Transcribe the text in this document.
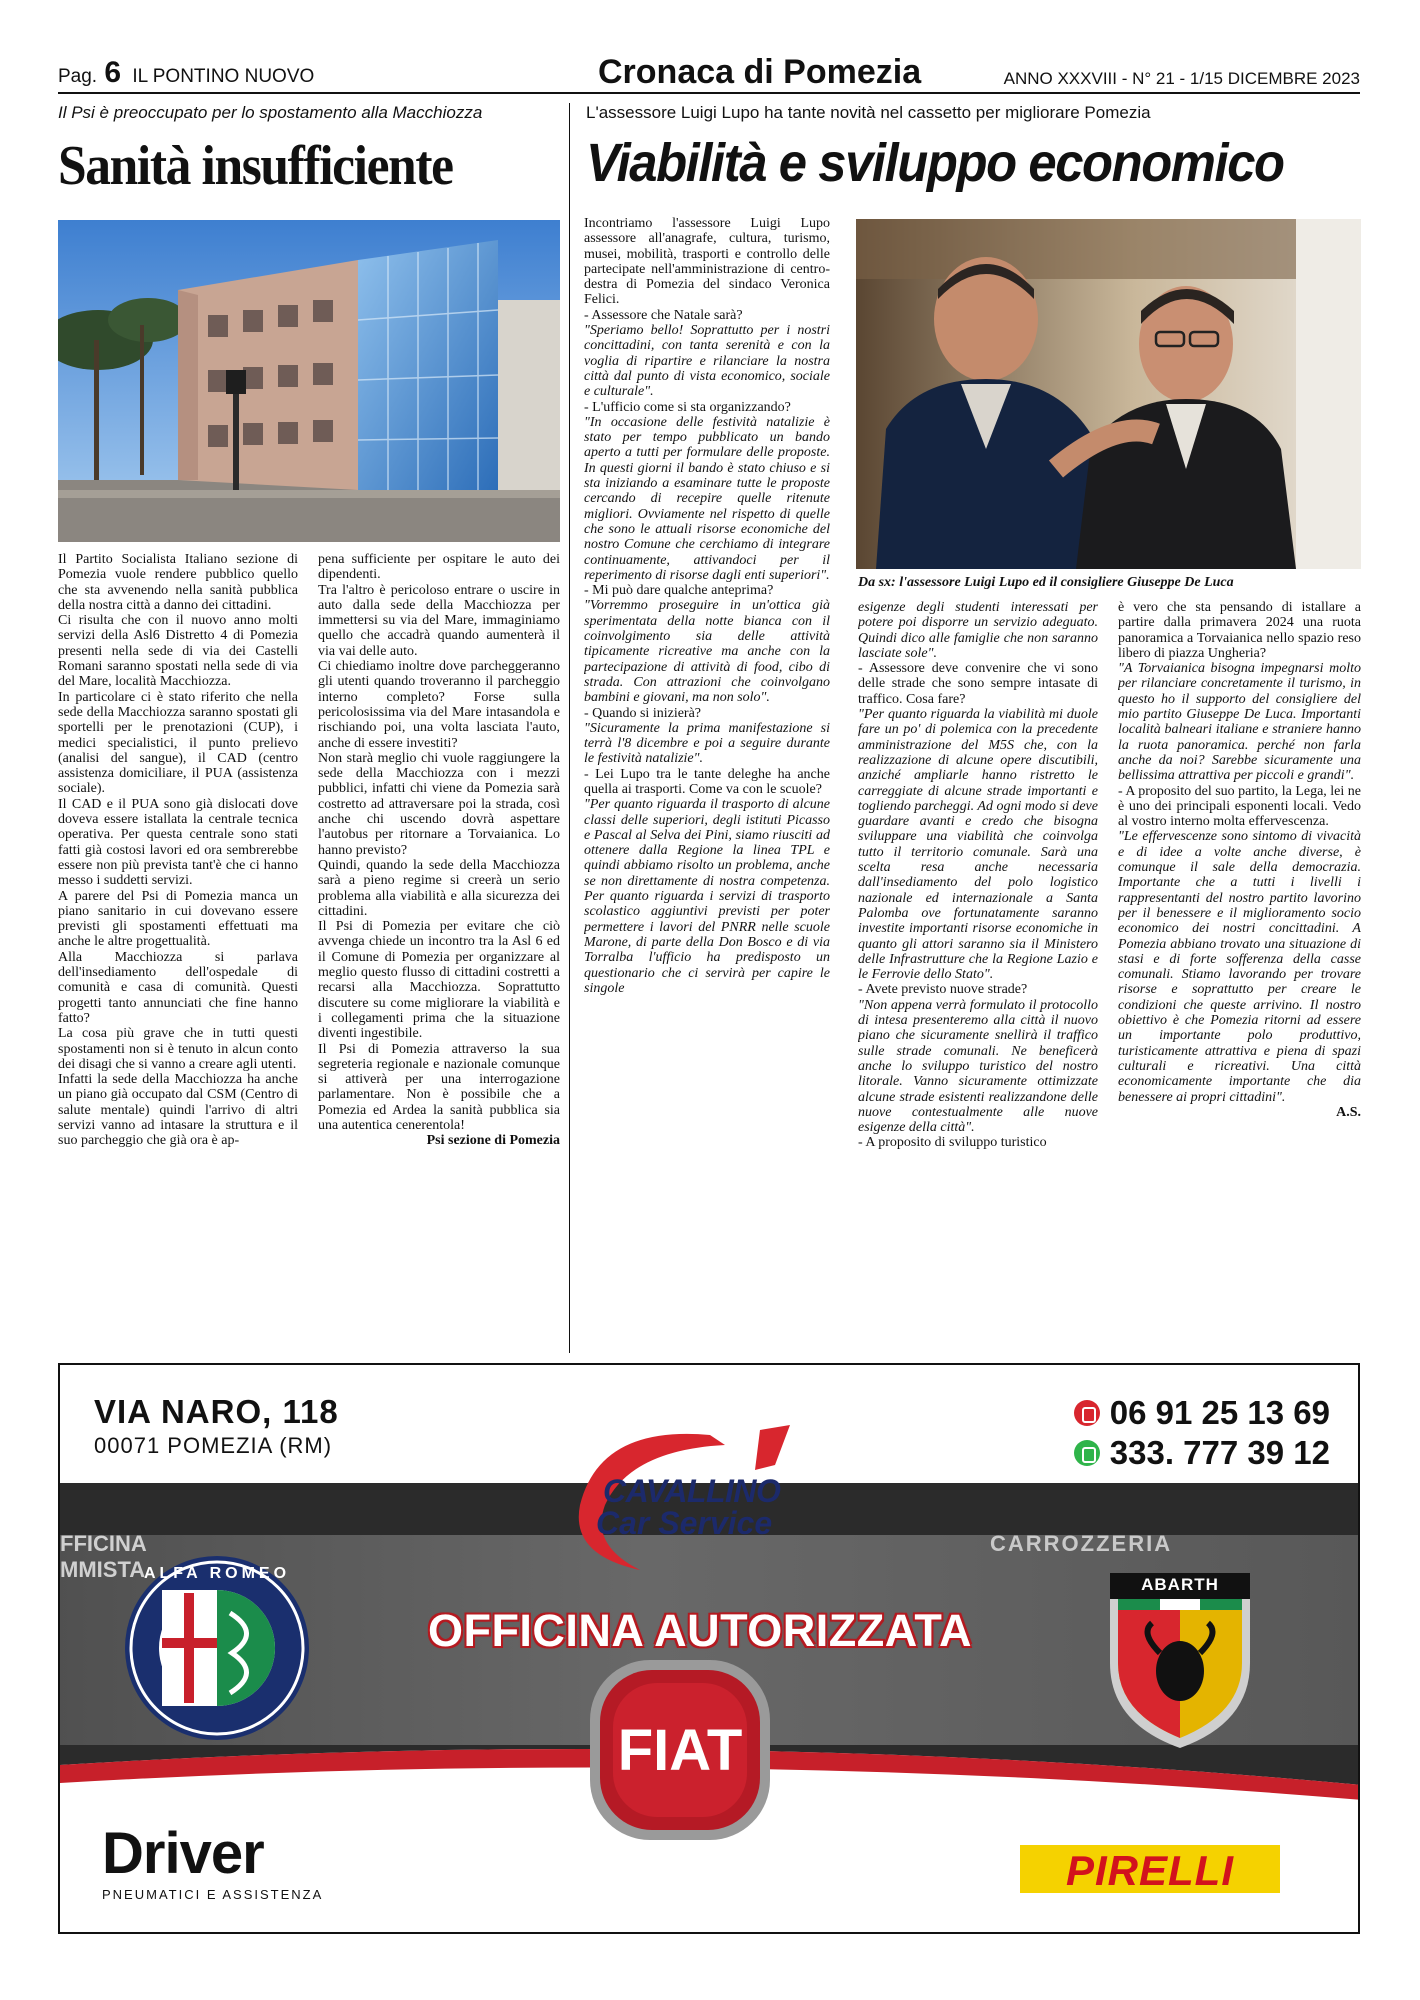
Pag. 6 IL PONTINO NUOVO	Cronaca di Pomezia	ANNO XXXVIII - N° 21 - 1/15 DICEMBRE 2023
Il Psi è preoccupato per lo spostamento alla Macchiozza
Sanità insufficiente

Il Partito Socialista Italiano sezione di Pomezia vuole rendere pubblico quello che sta avvenendo nella sanità pubblica della nostra città a danno dei cittadini.

Ci risulta che con il nuovo anno molti servizi della Asl6 Distretto 4 di Pomezia presenti nella sede di via dei Castelli Romani saranno spostati nella sede di via del Mare, località Macchiozza.

In particolare ci è stato riferito che nella sede della Macchiozza saranno spostati gli sportelli per le prenotazioni (CUP), i medici specialistici, il punto prelievo (analisi del sangue), il CAD (centro assistenza domiciliare, il PUA (assistenza sociale).

Il CAD e il PUA sono già dislocati dove doveva essere istallata la centrale tecnica operativa. Per questa centrale sono stati fatti già costosi lavori ed ora sembrerebbe essere non più prevista tant'è che ci hanno messo i suddetti servizi.

A parere del Psi di Pomezia manca un piano sanitario in cui dovevano essere previsti gli spostamenti effettuati ma anche le altre progettualità.

Alla Macchiozza si parlava dell'insediamento dell'ospedale di comunità e casa di comunità. Questi progetti tanto annunciati che fine hanno fatto?

La cosa più grave che in tutti questi spostamenti non si è tenuto in alcun conto dei disagi che si vanno a creare agli utenti.

Infatti la sede della Macchiozza ha anche un piano già occupato dal CSM (Centro di salute mentale) quindi l'arrivo di altri servizi vanno ad intasare la struttura e il suo parcheggio che già ora è ap-

pena sufficiente per ospitare le auto dei dipendenti.

Tra l'altro è pericoloso entrare o uscire in auto dalla sede della Macchiozza per immettersi su via del Mare, immaginiamo quello che accadrà quando aumenterà il via vai delle auto.

Ci chiediamo inoltre dove parcheggeranno gli utenti quando troveranno il parcheggio interno completo? Forse sulla pericolosissima via del Mare intasandola e rischiando poi, una volta lasciata l'auto, anche di essere investiti?

Non starà meglio chi vuole raggiungere la sede della Macchiozza con i mezzi pubblici, infatti chi viene da Pomezia sarà costretto ad attraversare poi la strada, così anche chi uscendo dovrà aspettare l'autobus per ritornare a Torvaianica. Lo hanno previsto?

Quindi, quando la sede della Macchiozza sarà a pieno regime si creerà un serio problema alla viabilità e alla sicurezza dei cittadini.

Il Psi di Pomezia per evitare che ciò avvenga chiede un incontro tra la Asl 6 ed il Comune di Pomezia per organizzare al meglio questo flusso di cittadini costretti a recarsi alla Macchiozza. Soprattutto discutere su come migliorare la viabilità e i collegamenti prima che la situazione diventi ingestibile.

Il Psi di Pomezia attraverso la sua segreteria regionale e nazionale comunque si attiverà per una interrogazione parlamentare. Non è possibile che a Pomezia ed Ardea la sanità pubblica sia una autentica cenerentola!

Psi sezione di Pomezia

L'assessore Luigi Lupo ha tante novità nel cassetto per migliorare Pomezia
Viabilità e sviluppo economico

Incontriamo l'assessore Luigi Lupo assessore all'anagrafe, cultura, turismo, musei, mobilità, trasporti e controllo delle partecipate nell'amministrazione di centro-destra di Pomezia del sindaco Veronica Felici.

- Assessore che Natale sarà?

"Speriamo bello! Soprattutto per i nostri concittadini, con tanta serenità e con la voglia di ripartire e rilanciare la nostra città dal punto di vista economico, sociale e culturale".

- L'ufficio come si sta organizzando?

"In occasione delle festività natalizie è stato per tempo pubblicato un bando aperto a tutti per formulare delle proposte. In questi giorni il bando è stato chiuso e si sta iniziando a esaminare tutte le proposte cercando di recepire quelle ritenute migliori. Ovviamente nel rispetto di quelle che sono le attuali risorse economiche del nostro Comune che cerchiamo di integrare continuamente, attivandoci per il reperimento di risorse dagli enti superiori".

- Mi può dare qualche anteprima?

"Vorremmo proseguire in un'ottica già sperimentata della notte bianca con il coinvolgimento sia delle attività tipicamente ricreative ma anche con la partecipazione di attività di food, cibo di strada. Con attrazioni che coinvolgano bambini e giovani, ma non solo".

- Quando si inizierà?

"Sicuramente la prima manifestazione si terrà l'8 dicembre e poi a seguire durante le festività natalizie".

- Lei Lupo tra le tante deleghe ha anche quella ai trasporti. Come va con le scuole?

"Per quanto riguarda il trasporto di alcune classi delle superiori, degli istituti Picasso e Pascal al Selva dei Pini, siamo riusciti ad ottenere dalla Regione la linea TPL e quindi abbiamo risolto un problema, anche se non direttamente di nostra competenza. Per quanto riguarda i servizi di trasporto scolastico aggiuntivi previsti per poter permettere i lavori del PNRR nelle scuole Marone, di parte della Don Bosco e di via Torralba l'ufficio ha predisposto un questionario che ci servirà per capire le singole

Da sx: l'assessore Luigi Lupo ed il consigliere Giuseppe De Luca

esigenze degli studenti interessati per potere poi disporre un servizio adeguato. Quindi dico alle famiglie che non saranno lasciate sole".

- Assessore deve convenire che vi sono delle strade che sono sempre intasate di traffico. Cosa fare?

"Per quanto riguarda la viabilità mi duole fare un po' di polemica con la precedente amministrazione del M5S che, con la realizzazione di alcune opere discutibili, anziché ampliarle hanno ristretto le carreggiate di alcune strade importanti e togliendo parcheggi. Ad ogni modo si deve guardare avanti e credo che bisogna sviluppare una viabilità che coinvolga tutto il territorio comunale. Sarà una scelta resa anche necessaria dall'insediamento del polo logistico nazionale ed internazionale a Santa Palomba ove fortunatamente saranno investite importanti risorse economiche in quanto gli attori saranno sia il Ministero delle Infrastrutture che la Regione Lazio e le Ferrovie dello Stato".

- Avete previsto nuove strade?

"Non appena verrà formulato il protocollo di intesa presenteremo alla città il nuovo piano che sicuramente snellirà il traffico sulle strade comunali. Ne beneficerà anche lo sviluppo turistico del nostro litorale. Vanno sicuramente ottimizzate alcune strade esistenti realizzandone delle nuove contestualmente alle nuove esigenze della città".

- A proposito di sviluppo turistico

è vero che sta pensando di istallare a partire dalla primavera 2024 una ruota panoramica a Torvaianica nello spazio reso libero di piazza Ungheria?

"A Torvaianica bisogna impegnarsi molto per rilanciare concretamente il turismo, in questo ho il supporto del consigliere del mio partito Giuseppe De Luca. Importanti località balneari italiane e straniere hanno la ruota panoramica. perché non farla anche da noi? Sarebbe sicuramente una bellissima attrattiva per piccoli e grandi".

- A proposito del suo partito, la Lega, lei ne è uno dei principali esponenti locali. Vedo al vostro interno molta effervescenza.

"Le effervescenze sono sintomo di vivacità e di idee a volte anche diverse, è comunque il sale della democrazia. Importante che a tutti i livelli i rappresentanti del nostro partito lavorino per il benessere e il miglioramento socio economico dei nostri concittadini. A Pomezia abbiano trovato una situazione di stasi e di forte sofferenza della casse comunali. Stiamo lavorando per trovare risorse e soprattutto per creare le condizioni che queste arrivino. Il nostro obiettivo è che Pomezia ritorni ad essere un importante polo produttivo, turisticamente attrattiva e piena di spazi culturali e ricreativi. Una città economicamente importante che dia benessere ai propri cittadini".

A.S.

FFICINA
MMISTA
CARROZZERIA
VIA NARO, 118
00071 POMEZIA (RM)
06 91 25 13 69
333. 777 39 12
CAVALLINO
Car Service
OFFICINA AUTORIZZATA
ALFA ROMEO
FIAT
ABARTH
Driver
PNEUMATICI E ASSISTENZA
PIRELLI
